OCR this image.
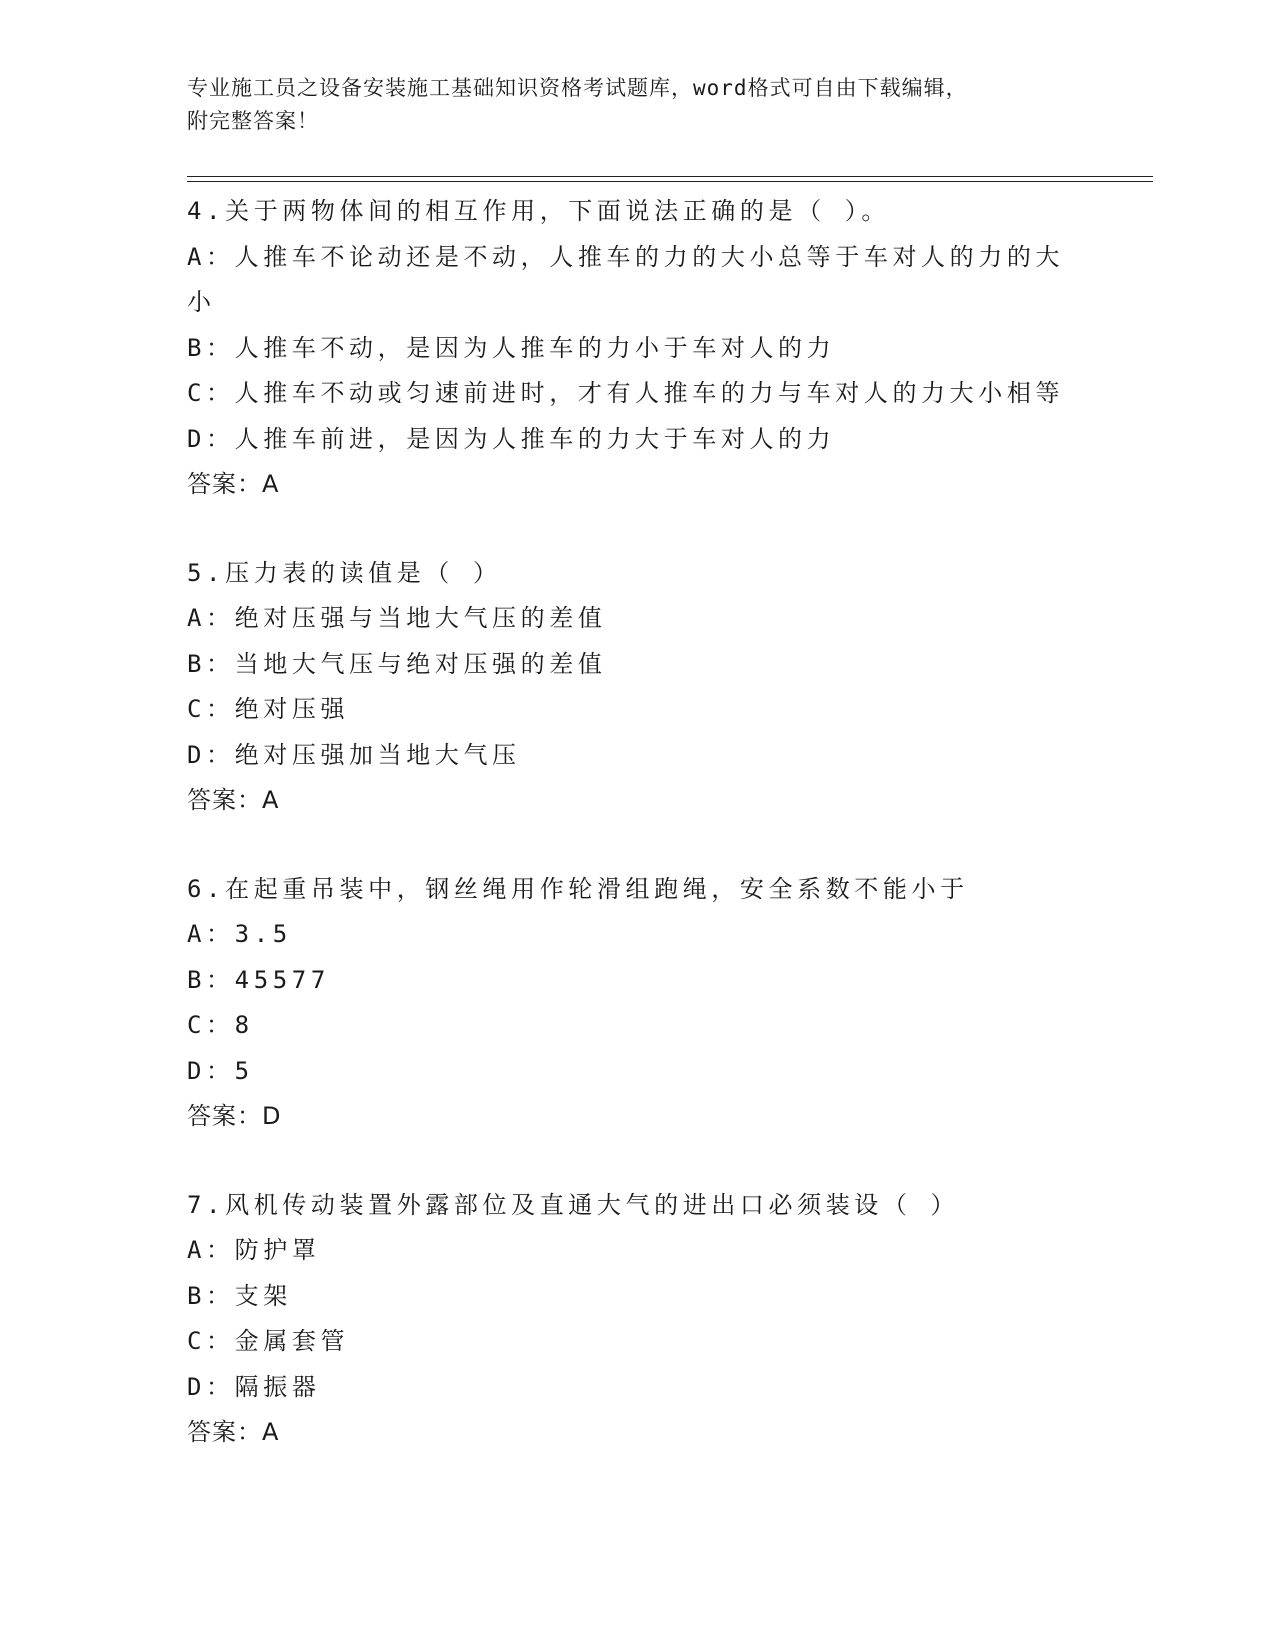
专业施工员之设备安装施工基础知识资格考试题库，word格式可自由下载编辑，
附完整答案！
4.关于两物体间的相互作用，下面说法正确的是（ ）。
A：人推车不论动还是不动，人推车的力的大小总等于车对人的力的大小
B：人推车不动，是因为人推车的力小于车对人的力
C：人推车不动或匀速前进时，才有人推车的力与车对人的力大小相等
D：人推车前进，是因为人推车的力大于车对人的力
答案：A
5.压力表的读值是（ ）
A：绝对压强与当地大气压的差值
B：当地大气压与绝对压强的差值
C：绝对压强
D：绝对压强加当地大气压
答案：A
6.在起重吊装中，钢丝绳用作轮滑组跑绳，安全系数不能小于
A：3.5
B：45577
C：8
D：5
答案：D
7.风机传动装置外露部位及直通大气的进出口必须装设（ ）
A：防护罩
B：支架
C：金属套管
D：隔振器
答案：A
